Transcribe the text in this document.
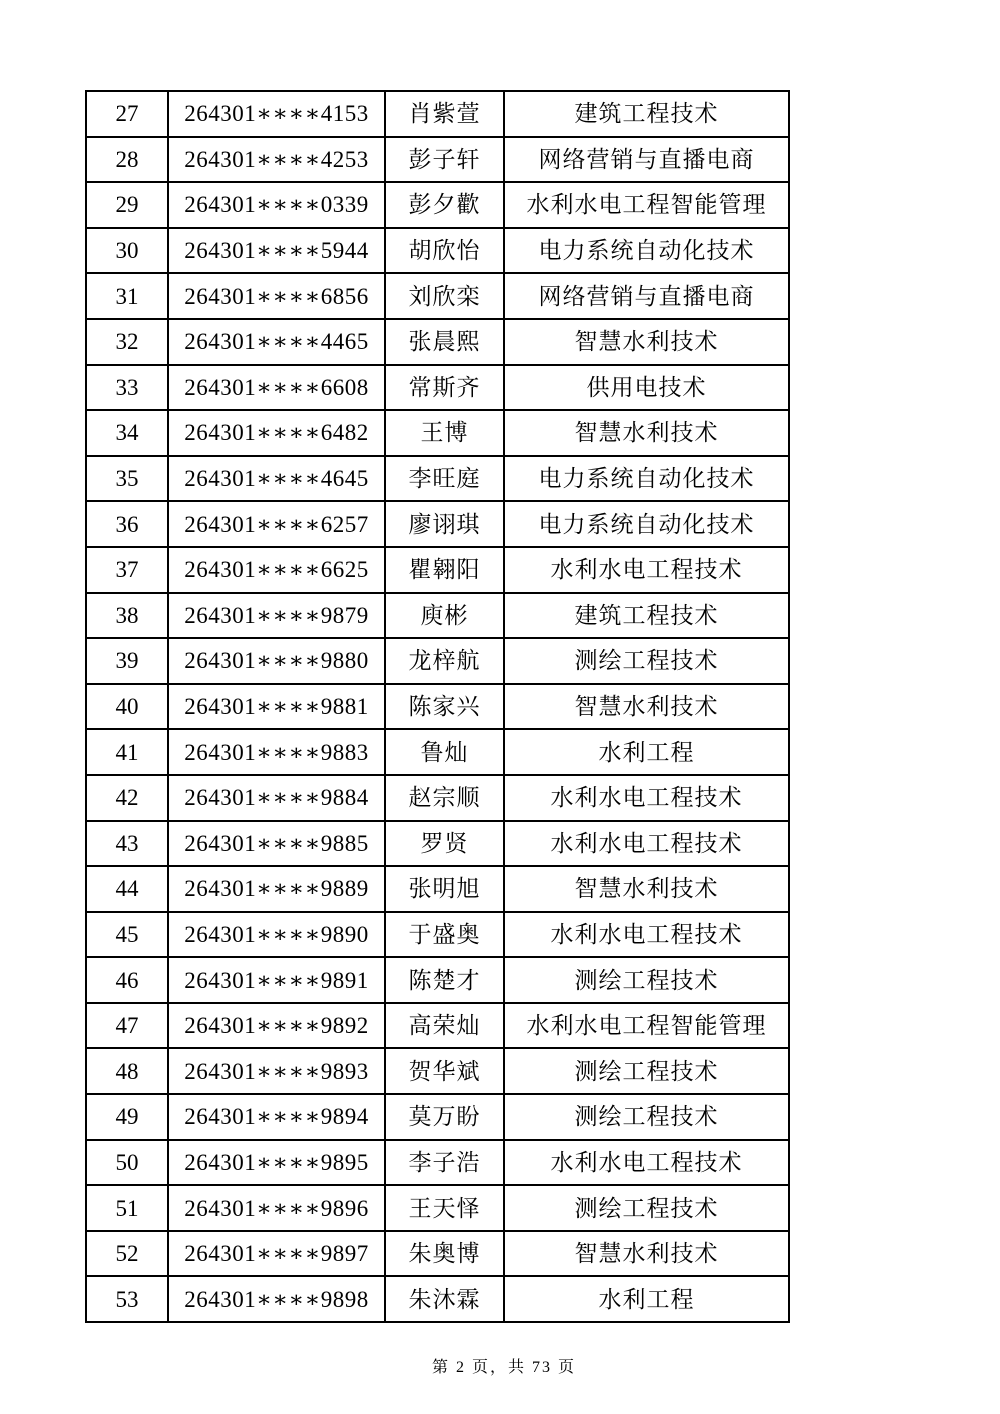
27	264301∗∗∗∗4153	肖紫萱	建筑工程技术
28	264301∗∗∗∗4253	彭子轩	网络营销与直播电商
29	264301∗∗∗∗0339	彭夕歡	水利水电工程智能管理
30	264301∗∗∗∗5944	胡欣怡	电力系统自动化技术
31	264301∗∗∗∗6856	刘欣栾	网络营销与直播电商
32	264301∗∗∗∗4465	张晨熙	智慧水利技术
33	264301∗∗∗∗6608	常斯齐	供用电技术
34	264301∗∗∗∗6482	王博	智慧水利技术
35	264301∗∗∗∗4645	李旺庭	电力系统自动化技术
36	264301∗∗∗∗6257	廖诩琪	电力系统自动化技术
37	264301∗∗∗∗6625	瞿翱阳	水利水电工程技术
38	264301∗∗∗∗9879	庾彬	建筑工程技术
39	264301∗∗∗∗9880	龙梓航	测绘工程技术
40	264301∗∗∗∗9881	陈家兴	智慧水利技术
41	264301∗∗∗∗9883	鲁灿	水利工程
42	264301∗∗∗∗9884	赵宗顺	水利水电工程技术
43	264301∗∗∗∗9885	罗贤	水利水电工程技术
44	264301∗∗∗∗9889	张明旭	智慧水利技术
45	264301∗∗∗∗9890	于盛奥	水利水电工程技术
46	264301∗∗∗∗9891	陈楚才	测绘工程技术
47	264301∗∗∗∗9892	高荣灿	水利水电工程智能管理
48	264301∗∗∗∗9893	贺华斌	测绘工程技术
49	264301∗∗∗∗9894	莫万盼	测绘工程技术
50	264301∗∗∗∗9895	李子浩	水利水电工程技术
51	264301∗∗∗∗9896	王天怿	测绘工程技术
52	264301∗∗∗∗9897	朱奥博	智慧水利技术
53	264301∗∗∗∗9898	朱沐霖	水利工程
第 2 页，共 73 页
